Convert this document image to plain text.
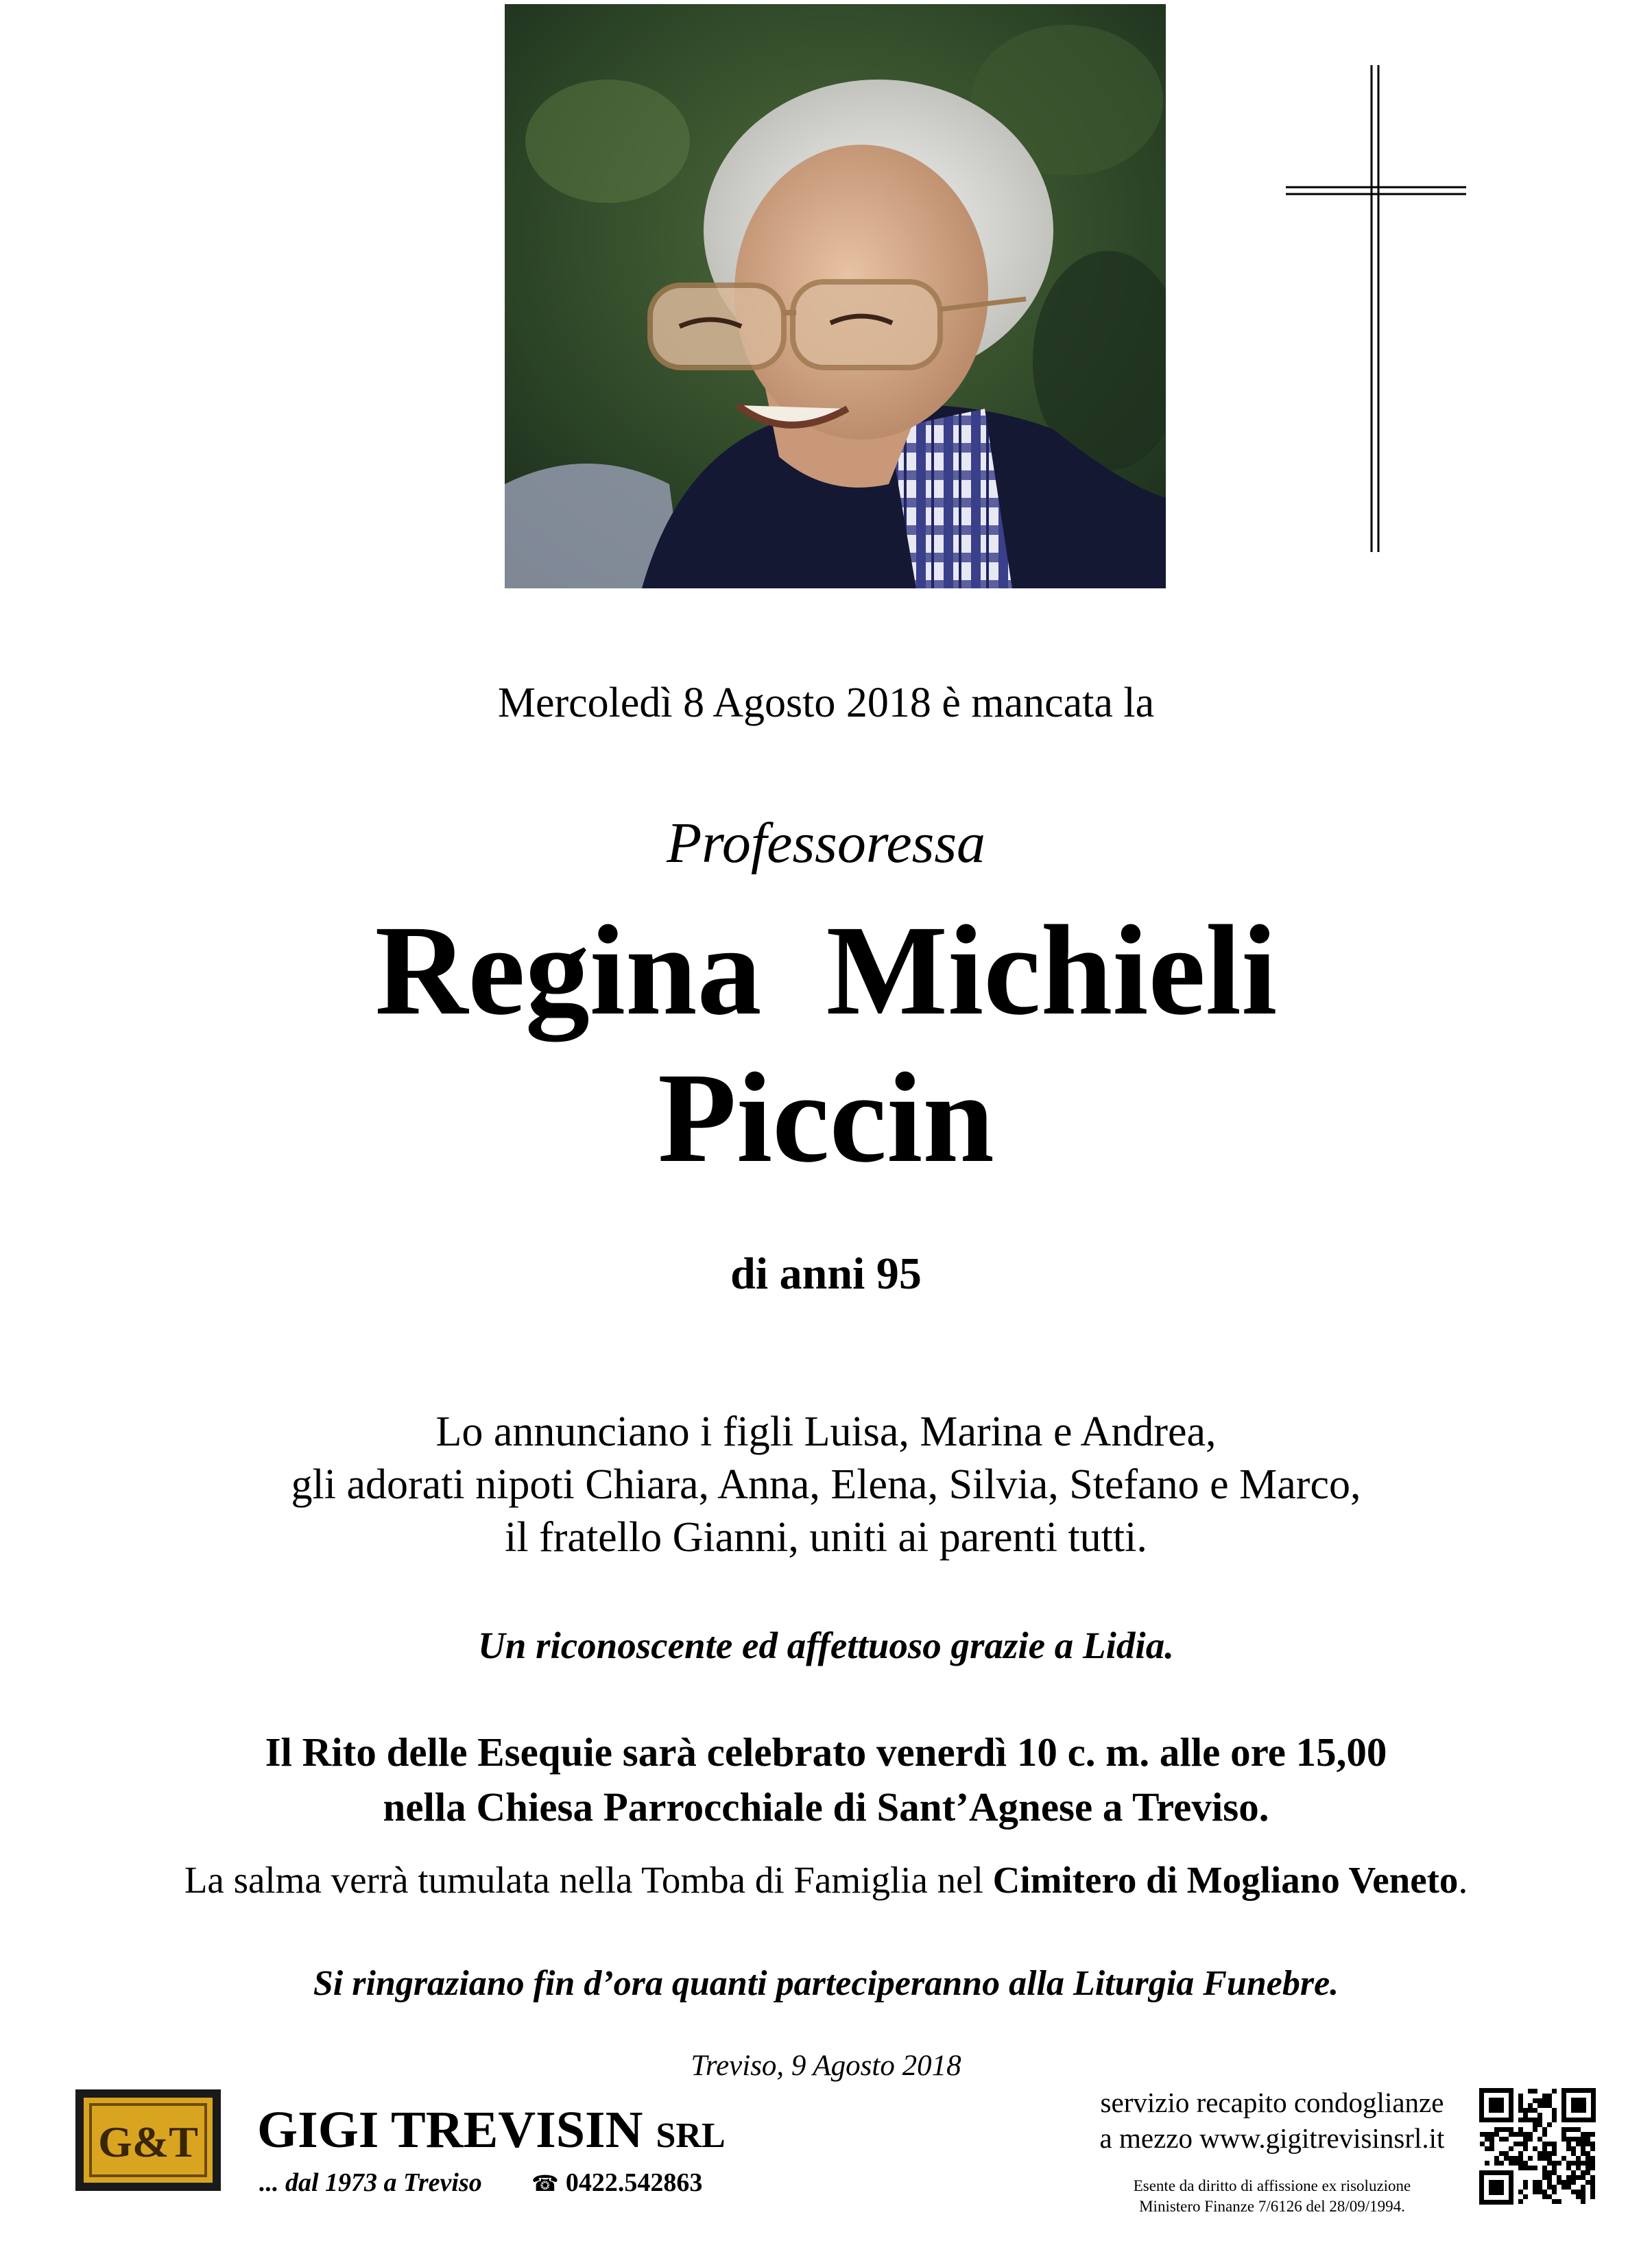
Mercoledì 8 Agosto 2018 è mancata la
Professoressa
Regina  Michieli
Piccin
di anni 95
Lo annunciano i figli Luisa, Marina e Andrea,
gli adorati nipoti Chiara, Anna, Elena, Silvia, Stefano e Marco,
il fratello Gianni, uniti ai parenti tutti.
Un riconoscente ed affettuoso grazie a Lidia.
Il Rito delle Esequie sarà celebrato venerdì 10 c. m. alle ore 15,00
nella Chiesa Parrocchiale di Sant’Agnese a Treviso.
La salma verrà tumulata nella Tomba di Famiglia nel Cimitero di Mogliano Veneto.
Si ringraziano fin d’ora quanti parteciperanno alla Liturgia Funebre.
Treviso, 9 Agosto 2018
G&T GIGI TREVISIN SRL
... dal 1973 a Treviso ☎ 0422.542863
servizio recapito condoglianze
a mezzo www.gigitrevisinsrl.it
Esente da diritto di affissione ex risoluzione
Ministero Finanze 7/6126 del 28/09/1994.
